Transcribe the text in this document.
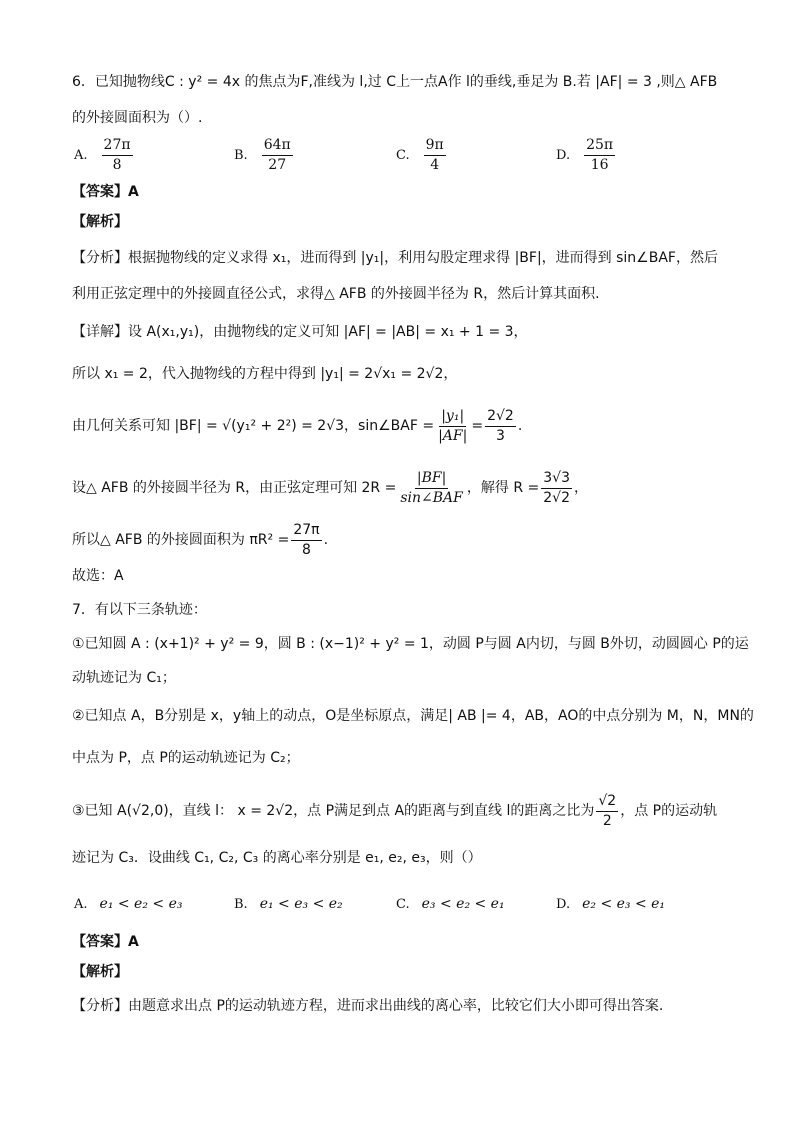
6．已知抛物线C : y² = 4x 的焦点为F,准线为 l,过 C上一点A作 l的垂线,垂足为 B.若 |AF| = 3 ,则△ AFB
的外接圆面积为（）.
A. $\frac{27\pi}{8}$	B. $\frac{64\pi}{27}$	C. $\frac{9\pi}{4}$	D. $\frac{25\pi}{16}$
【答案】A
【解析】
【分析】根据抛物线的定义求得 x₁，进而得到 |y₁|，利用勾股定理求得 |BF|，进而得到 sin∠BAF，然后
利用正弦定理中的外接圆直径公式，求得△ AFB 的外接圆半径为 R，然后计算其面积.
【详解】设 A(x₁,y₁)，由抛物线的定义可知 |AF| = |AB| = x₁ + 1 = 3，
所以 x₁ = 2，代入抛物线的方程中得到 |y₁| = 2√x₁ = 2√2，
由几何关系可知 |BF| = √(y₁² + 2²) = 2√3，sin∠BAF = $\frac{\text{|y₁|}}{|AF|} = \frac{2√2}{3}$ .
设△ AFB 的外接圆半径为 R，由正弦定理可知 $2R = \frac{|BF|}{\text{sin∠BAF}}$ ，解得 $R = \frac{3√3}{2√2}$ ，
所以△ AFB 的外接圆面积为 $\pi R^2 = \frac{27\pi}{8}$ .
故选：A
7．有以下三条轨迹：
①已知圆 A : (x+1)² + y² = 9，圆 B : (x−1)² + y² = 1，动圆 P与圆 A内切，与圆 B外切，动圆圆心 P的运
动轨迹记为 C₁；
②已知点 A，B分别是 x，y轴上的动点，O是坐标原点，满足| AB |= 4，AB，AO的中点分别为 M，N，MN的
中点为 P，点 P的运动轨迹记为 C₂；
③已知 A(√2,0)，直线 l： x = 2√2，点 P满足到点 A的距离与到直线 l的距离之比为 $\frac{√2}{2}$ ，点 P的运动轨
迹记为 C₃．设曲线 C₁, C₂, C₃ 的离心率分别是 e₁, e₂, e₃，则（）
A. e₁ < e₂ < e₃	B. e₁ < e₃ < e₂	C. e₃ < e₂ < e₁	D. e₂ < e₃ < e₁
【答案】A
【解析】
【分析】由题意求出点 P的运动轨迹方程，进而求出曲线的离心率，比较它们大小即可得出答案.
